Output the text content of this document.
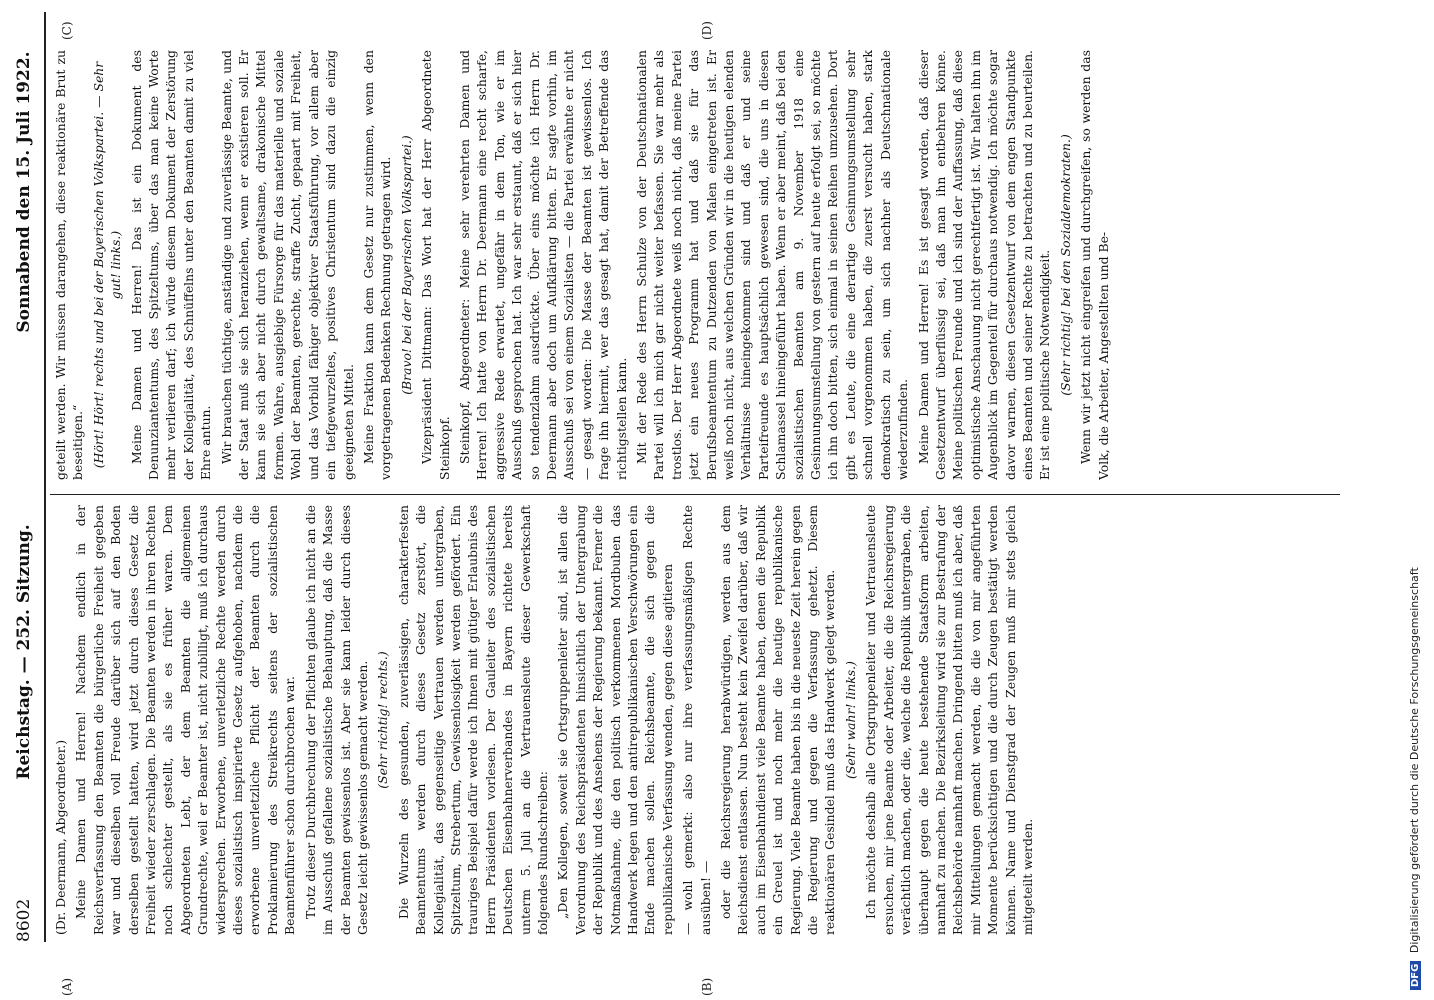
8602
Reichstag. — 252. Sitzung.
Sonnabend den 15. Juli 1922.
(A)	(B)
(C)	(D)

(Dr. Deermann, Abgeordneter.) Meine Damen und Herren! Nachdem endlich in der Reichsverfassung den Beamten die bürgerliche Freiheit gegeben war und dieselben voll Freude darüber sich auf den Boden derselben gestellt hatten, wird jetzt durch dieses Gesetz die Freiheit wieder zerschlagen. Die Beamten werden in ihren Rechten noch schlechter gestellt, als sie es früher waren. Dem Abgeordneten Lebt, der dem Beamten die allgemeinen Grundrechte, weil er Beamter ist, nicht zubilligt, muß ich durchaus widersprechen. Erworbene, unverletzliche Rechte werden durch dieses sozialistisch inspirierte Gesetz aufgehoben, nachdem die erworbene unverletzliche Pflicht der Beamten durch die Proklamierung des Streikrechts seitens der sozialistischen Beamtenführer schon durchbrochen war. Trotz dieser Durchbrechung der Pflichten glaube ich nicht an die im Ausschuß gefallene sozialistische Behauptung, daß die Masse der Beamten gewissenlos ist. Aber sie kann leider durch dieses Gesetz leicht gewissenlos gemacht werden. (Sehr richtig! rechts.) Die Wurzeln des gesunden, zuverlässigen, charakterfesten Beamtentums werden durch dieses Gesetz zerstört, die Kollegialität, das gegenseitige Vertrauen werden untergraben, Spitzeltum, Strebertum, Gewissenlosigkeit werden gefördert. Ein trauriges Beispiel dafür werde ich Ihnen mit gütiger Erlaubnis des Herrn Präsidenten vorlesen. Der Gauleiter des sozialistischen Deutschen Eisenbahnerverbandes in Bayern richtete bereits unterm 5. Juli an die Vertrauensleute dieser Gewerkschaft folgendes Rundschreiben: „Den Kollegen, soweit sie Ortsgruppenleiter sind, ist allen die Verordnung des Reichspräsidenten hinsichtlich der Untergrabung der Republik und des Ansehens der Regierung bekannt. Ferner die Notmaßnahme, die den politisch verkommenen Mordbuben das Handwerk legen und den antirepublikanischen Verschwörungen ein Ende machen sollen. Reichsbeamte, die sich gegen die republikanische Verfassung wenden, gegen diese agitieren — wohl gemerkt: also nur ihre verfassungsmäßigen Rechte ausüben! — oder die Reichsregierung herabwürdigen, werden aus dem Reichsdienst entlassen. Nun besteht kein Zweifel darüber, daß wir auch im Eisenbahndienst viele Beamte haben, denen die Republik ein Greuel ist und noch mehr die heutige republikanische Regierung. Viele Beamte haben bis in die neueste Zeit herein gegen die Regierung und gegen die Verfassung gehetzt. Diesem reaktionären Gesindel muß das Handwerk gelegt werden. (Sehr wahr! links.) Ich möchte deshalb alle Ortsgruppenleiter und Vertrauensleute ersuchen, mir jene Beamte oder Arbeiter, die die Reichsregierung verächtlich machen, oder die, welche die Republik untergraben, die überhaupt gegen die heute bestehende Staatsform arbeiten, namhaft zu machen. Die Bezirksleitung wird sie zur Bestrafung der Reichsbehörde namhaft machen. Dringend bitten muß ich aber, daß mir Mitteilungen gemacht werden, die die von mir angeführten Momente berücksichtigen und die durch Zeugen bestätigt werden können. Name und Dienstgrad der Zeugen muß mir stets gleich mitgeteilt werden.

geteilt werden. Wir müssen darangehen, diese reaktionäre Brut zu beseitigen.“ (Hört! Hört! rechts und bei der Bayerischen Volkspartei. — Sehr gut! links.) Meine Damen und Herren! Das ist ein Dokument des Denunziantentums, des Spitzeltums, über das man keine Worte mehr verlieren darf; ich würde diesem Dokument der Zerstörung der Kollegialität, des Schnüffelns unter den Beamten damit zu viel Ehre antun. Wir brauchen tüchtige, anständige und zuverlässige Beamte, und der Staat muß sie sich heranziehen, wenn er existieren soll. Er kann sie sich aber nicht durch gewaltsame, drakonische Mittel formen. Wahre, ausgiebige Fürsorge für das materielle und soziale Wohl der Beamten, gerechte, straffe Zucht, gepaart mit Freiheit, und das Vorbild fähiger objektiver Staatsführung, vor allem aber ein tiefgewurzeltes, positives Christentum sind dazu die einzig geeigneten Mittel. Meine Fraktion kann dem Gesetz nur zustimmen, wenn den vorgetragenen Bedenken Rechnung getragen wird. (Bravo! bei der Bayerischen Volkspartei.) Vizepräsident Dittmann: Das Wort hat der Herr Abgeordnete Steinkopf. Steinkopf, Abgeordneter: Meine sehr verehrten Damen und Herren! Ich hatte von Herrn Dr. Deermann eine recht scharfe, aggressive Rede erwartet, ungefähr in dem Ton, wie er im Ausschuß gesprochen hat. Ich war sehr erstaunt, daß er sich hier so tendenzlahm ausdrückte. Über eins möchte ich Herrn Dr. Deermann aber doch um Aufklärung bitten. Er sagte vorhin, im Ausschuß sei von einem Sozialisten — die Partei erwähnte er nicht — gesagt worden: Die Masse der Beamten ist gewissenlos. Ich frage ihn hiermit, wer das gesagt hat, damit der Betreffende das richtigstellen kann. Mit der Rede des Herrn Schulze von der Deutschnationalen Partei will ich mich gar nicht weiter befassen. Sie war mehr als trostlos. Der Herr Abgeordnete weiß noch nicht, daß meine Partei jetzt ein neues Programm hat und daß sie für das Berufsbeamtentum zu Dutzenden von Malen eingetreten ist. Er weiß noch nicht, aus welchen Gründen wir in die heutigen elenden Verhältnisse hineingekommen sind und daß er und seine Parteifreunde es hauptsächlich gewesen sind, die uns in diesen Schlamassel hineingeführt haben. Wenn er aber meint, daß bei den sozialistischen Beamten am 9. November 1918 eine Gesinnungsumstellung von gestern auf heute erfolgt sei, so möchte ich ihn doch bitten, sich einmal in seinen Reihen umzusehen. Dort gibt es Leute, die eine derartige Gesinnungsumstellung sehr schnell vorgenommen haben, die zuerst versucht haben, stark demokratisch zu sein, um sich nachher als Deutschnationale wiederzufinden. Meine Damen und Herren! Es ist gesagt worden, daß dieser Gesetzentwurf überflüssig sei, daß man ihn entbehren könne. Meine politischen Freunde und ich sind der Auffassung, daß diese optimistische Anschauung nicht gerechtfertigt ist. Wir halten ihn im Augenblick im Gegenteil für durchaus notwendig. Ich möchte sogar davor warnen, diesen Gesetzentwurf von dem engen Standpunkte eines Beamten und seiner Rechte zu betrachten und zu beurteilen. Er ist eine politische Notwendigkeit. (Sehr richtig! bei den Sozialdemokraten.) Wenn wir jetzt nicht eingreifen und durchgreifen, so werden das Volk, die Arbeiter, Angestellten und Be-

DFG Digitalisierung gefördert durch die Deutsche Forschungsgemeinschaft
